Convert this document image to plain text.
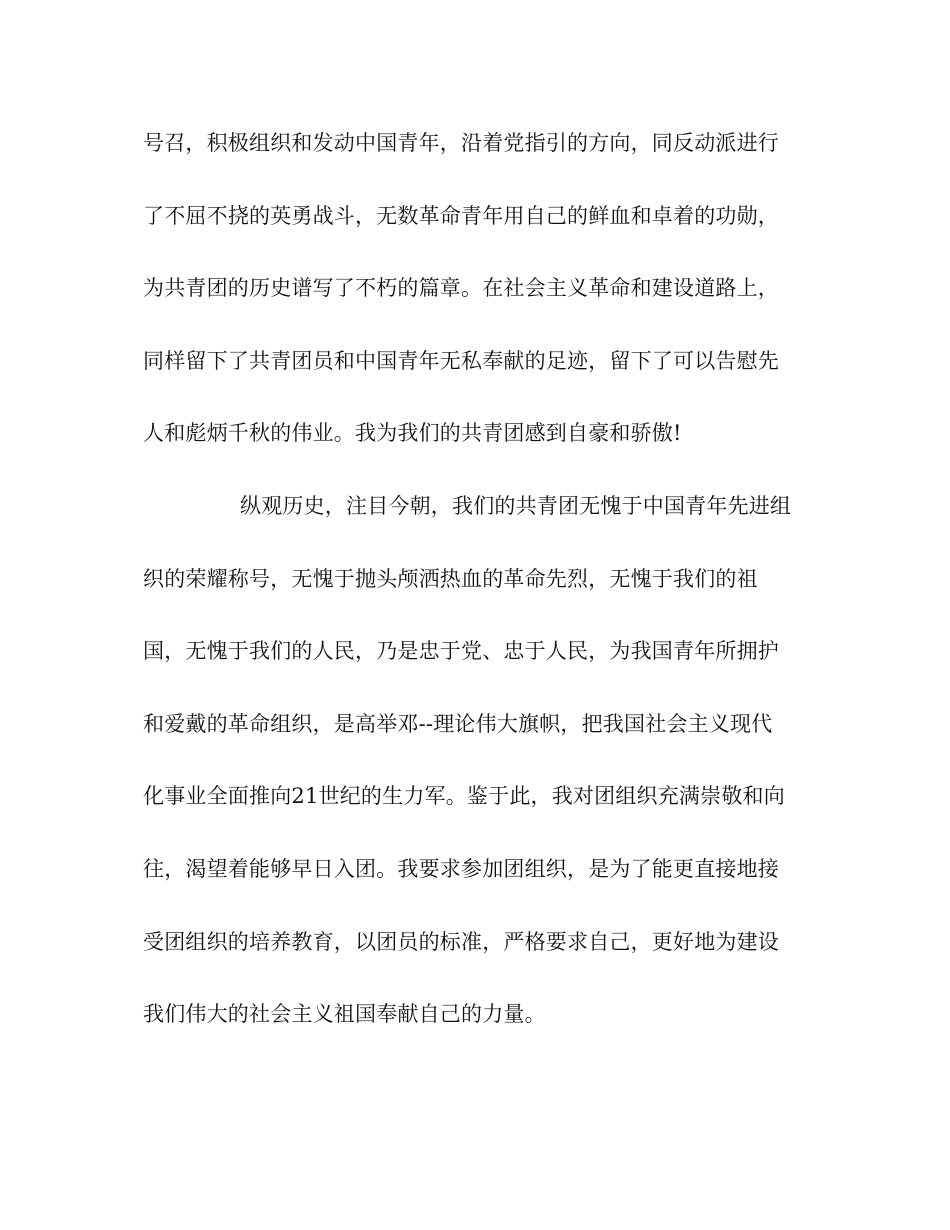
号召，积极组织和发动中国青年，沿着党指引的方向，同反动派进行
了不屈不挠的英勇战斗，无数革命青年用自己的鲜血和卓着的功勋，
为共青团的历史谱写了不朽的篇章。在社会主义革命和建设道路上，
同样留下了共青团员和中国青年无私奉献的足迹，留下了可以告慰先
人和彪炳千秋的伟业。我为我们的共青团感到自豪和骄傲!
纵观历史，注目今朝，我们的共青团无愧于中国青年先进组
织的荣耀称号，无愧于抛头颅洒热血的革命先烈，无愧于我们的祖
国，无愧于我们的人民，乃是忠于党、忠于人民，为我国青年所拥护
和爱戴的革命组织，是高举邓--理论伟大旗帜，把我国社会主义现代
化事业全面推向21世纪的生力军。鉴于此，我对团组织充满崇敬和向
往，渴望着能够早日入团。我要求参加团组织，是为了能更直接地接
受团组织的培养教育，以团员的标准，严格要求自己，更好地为建设
我们伟大的社会主义祖国奉献自己的力量。
